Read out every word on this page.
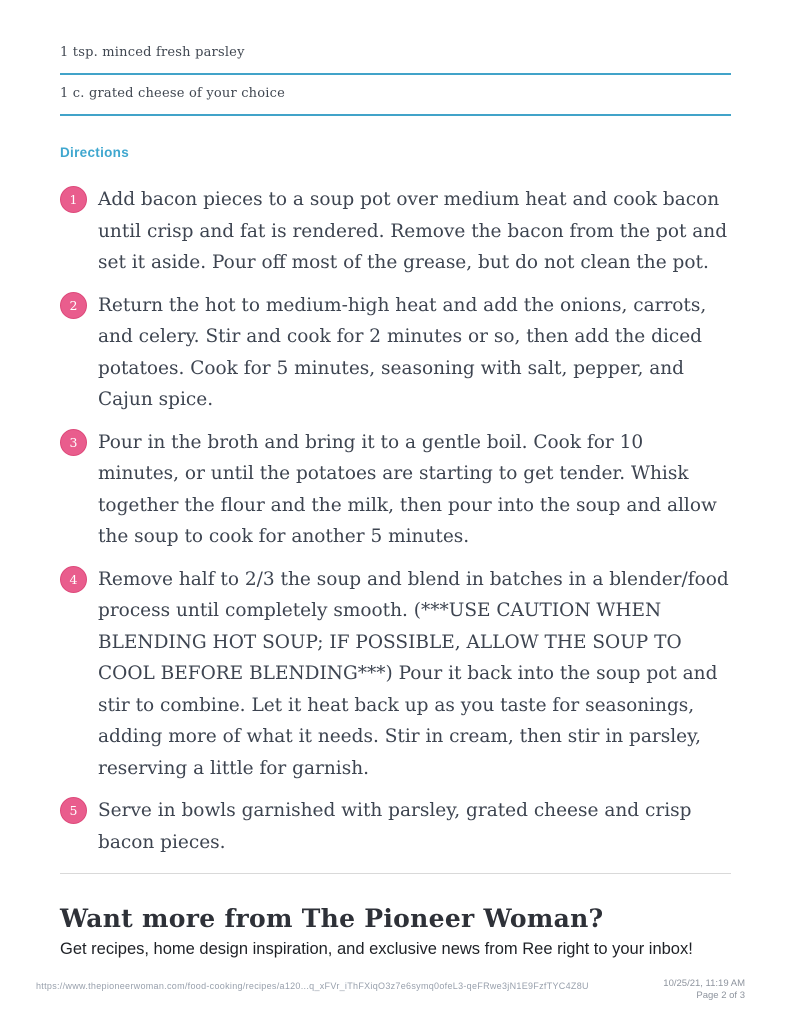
1 tsp. minced fresh parsley
1 c. grated cheese of your choice
Directions
1	Add bacon pieces to a soup pot over medium heat and cook bacon until crisp and fat is rendered. Remove the bacon from the pot and set it aside. Pour off most of the grease, but do not clean the pot.
2	Return the hot to medium-high heat and add the onions, carrots, and celery. Stir and cook for 2 minutes or so, then add the diced potatoes. Cook for 5 minutes, seasoning with salt, pepper, and Cajun spice.
3	Pour in the broth and bring it to a gentle boil. Cook for 10 minutes, or until the potatoes are starting to get tender. Whisk together the flour and the milk, then pour into the soup and allow the soup to cook for another 5 minutes.
4	Remove half to 2/3 the soup and blend in batches in a blender/food process until completely smooth. (***USE CAUTION WHEN BLENDING HOT SOUP; IF POSSIBLE, ALLOW THE SOUP TO COOL BEFORE BLENDING***) Pour it back into the soup pot and stir to combine. Let it heat back up as you taste for seasonings, adding more of what it needs. Stir in cream, then stir in parsley, reserving a little for garnish.
5	Serve in bowls garnished with parsley, grated cheese and crisp bacon pieces.
Want more from The Pioneer Woman?
Get recipes, home design inspiration, and exclusive news from Ree right to your inbox!
https://www.thepioneerwoman.com/food-cooking/recipes/a120...q_xFVr_iThFXiqO3z7e6symq0ofeL3-qeFRwe3jN1E9FzfTYC4Z8U	10/25/21, 11:19 AM
Page 2 of 3
